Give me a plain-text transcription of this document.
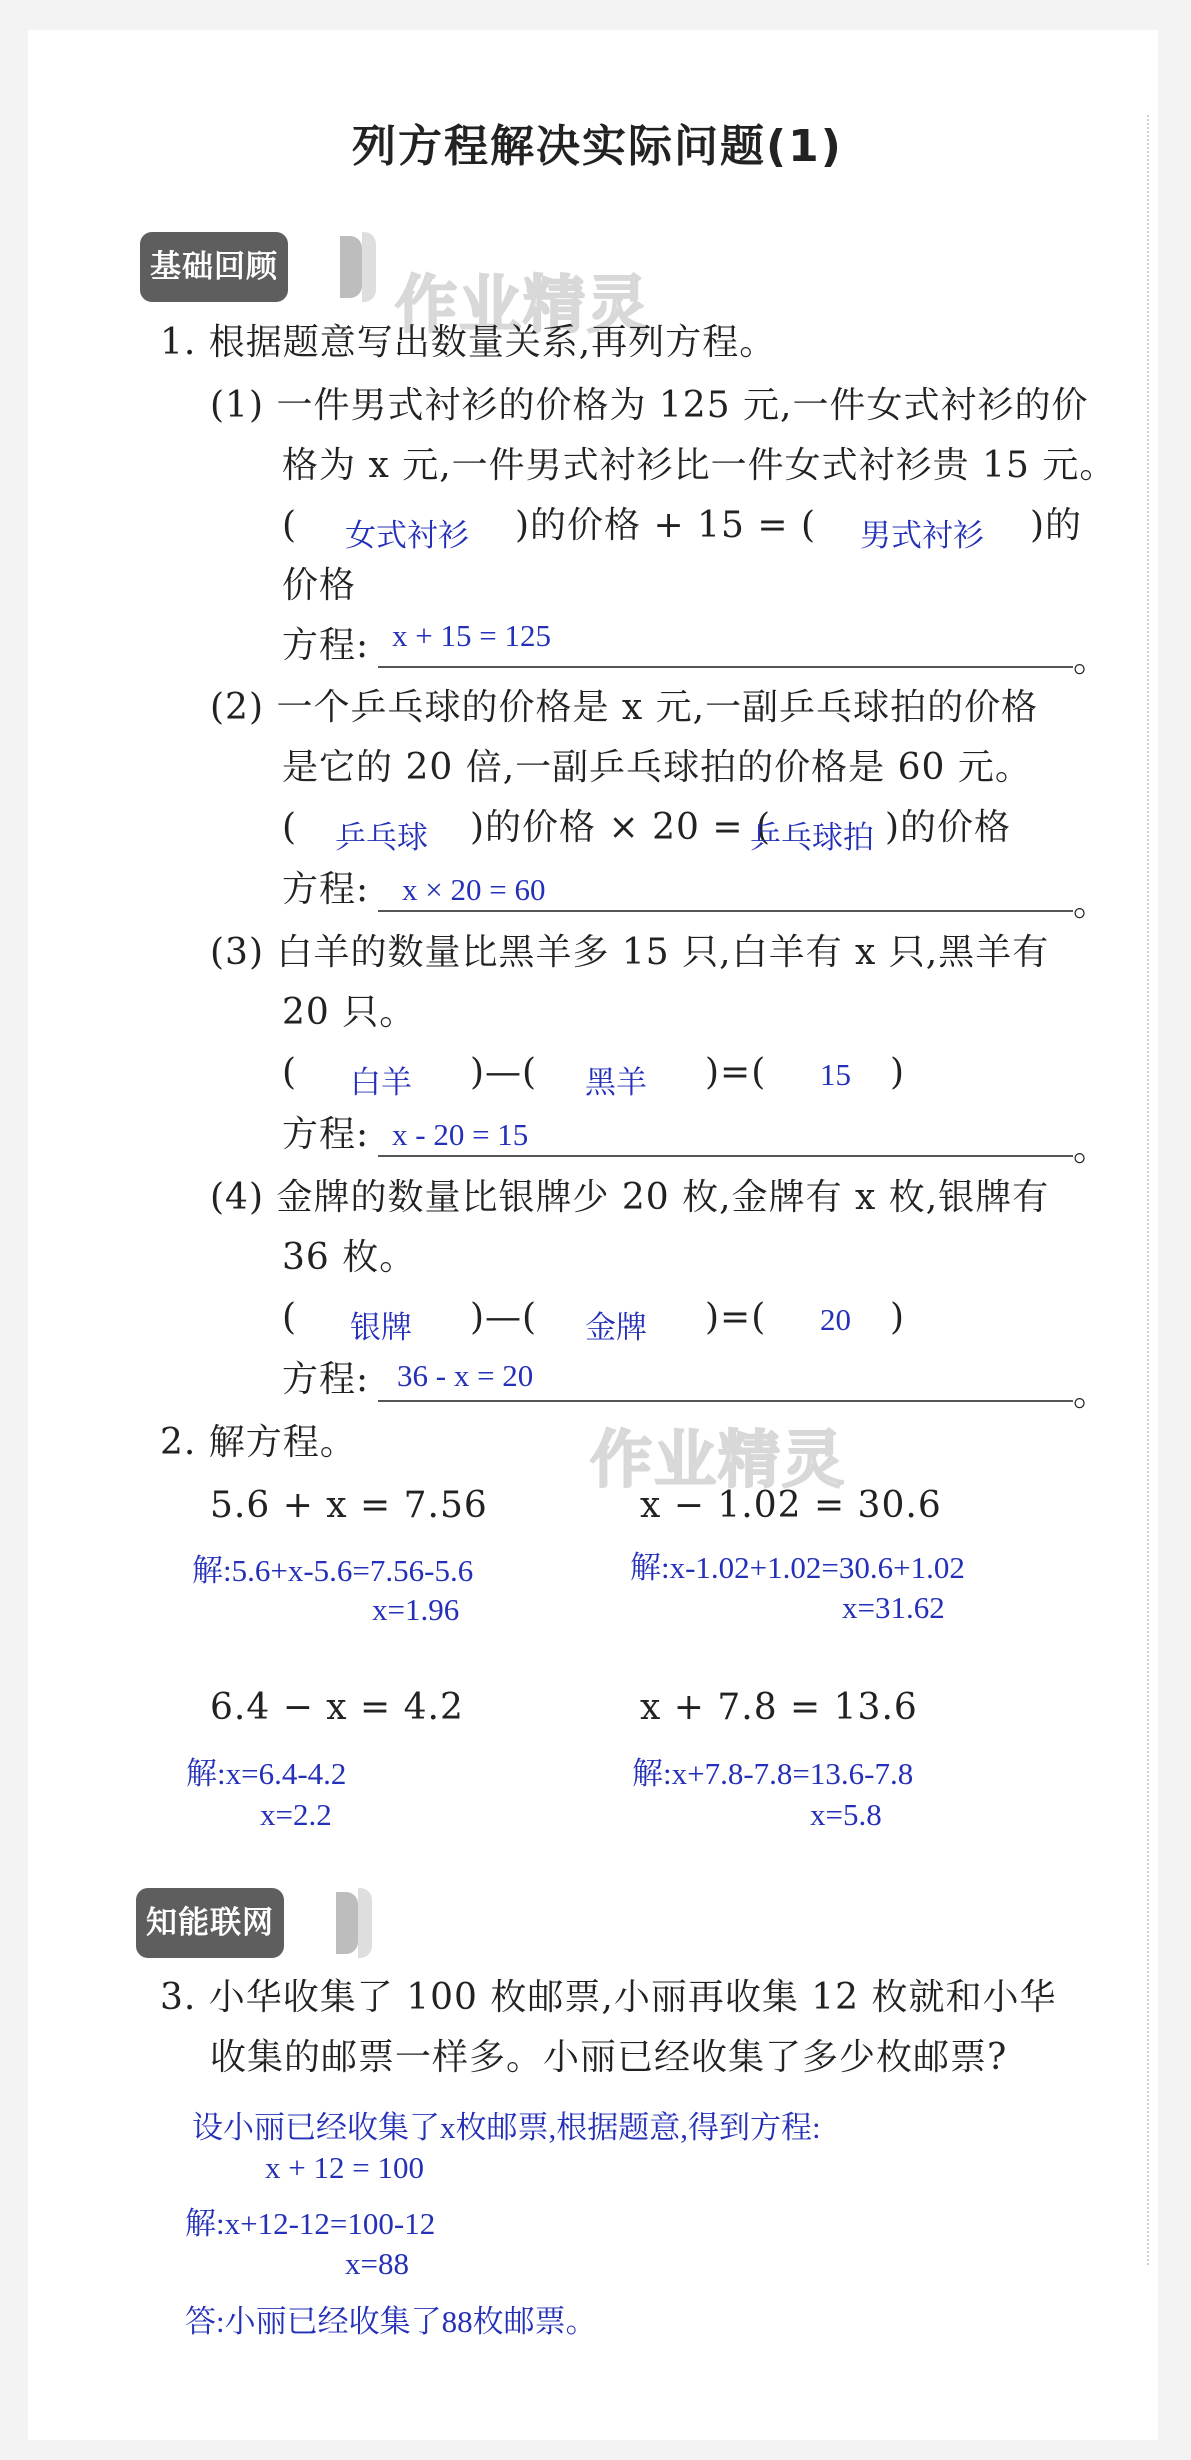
列方程解决实际问题(1)
作业精灵
作业精灵
基础回顾
1. 根据题意写出数量关系,再列方程。
(1) 一件男式衬衫的价格为 125 元,一件女式衬衫的价
格为 x 元,一件男式衬衫比一件女式衬衫贵 15 元。
( 女式衬衫 )的价格 + 15 = ( 男式衬衫 )的
价格
方程: x + 15 = 125
。
(2) 一个乒乓球的价格是 x 元,一副乒乓球拍的价格
是它的 20 倍,一副乒乓球拍的价格是 60 元。
( 乒乓球 )的价格 × 20 = (
乒乓球拍 )的价格
方程: x × 20 = 60	。
(3) 白羊的数量比黑羊多 15 只,白羊有 x 只,黑羊有
20 只。
( 白羊 )—( 黑羊 )=( 15 )
方程: x - 20 = 15	。
(4) 金牌的数量比银牌少 20 枚,金牌有 x 枚,银牌有
36 枚。
( 银牌 )—( 金牌 )=( 20 )
方程: 36 - x = 20	。
2. 解方程。
5.6 + x = 7.56
解:5.6+x-5.6=7.56-5.6
x=1.96
x − 1.02 = 30.6
解:x-1.02+1.02=30.6+1.02
x=31.62
6.4 − x = 4.2
解:x=6.4-4.2
x=2.2
x + 7.8 = 13.6
解:x+7.8-7.8=13.6-7.8
x=5.8
知能联网
3. 小华收集了 100 枚邮票,小丽再收集 12 枚就和小华
收集的邮票一样多。小丽已经收集了多少枚邮票?
设小丽已经收集了x枚邮票,根据题意,得到方程:
x + 12 = 100
解:x+12-12=100-12
x=88
答:小丽已经收集了88枚邮票。
